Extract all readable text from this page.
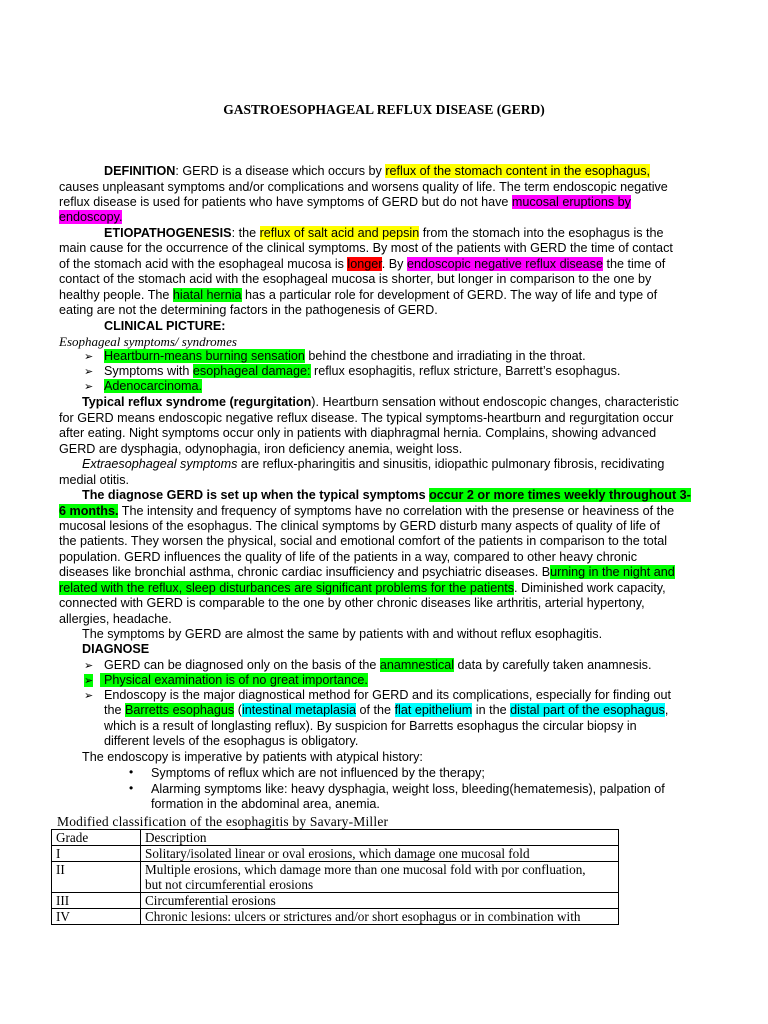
GASTROESOPHAGEAL REFLUX DISEASE (GERD)
DEFINITION: GERD is a disease which occurs by reflux of the stomach content in the esophagus,
causes unpleasant symptoms and/or complications and worsens quality of life. The term endoscopic negative
reflux disease is used for patients who have symptoms of GERD but do not have mucosal eruptions by
endoscopy.
ETIOPATHOGENESIS: the reflux of salt acid and pepsin from the stomach into the esophagus is the
main cause for the occurrence of the clinical symptoms. By most of the patients with GERD the time of contact
of the stomach acid with the esophageal mucosa is longer. By endoscopic negative reflux disease the time of
contact of the stomach acid with the esophageal mucosa is shorter, but longer in comparison to the one by
healthy people. The hiatal hernia has a particular role for development of GERD. The way of life and type of
eating are not the determining factors in the pathogenesis of GERD.
CLINICAL PICTURE:
Esophageal symptoms/ syndromes
➢ Heartburn-means burning sensation behind the chestbone and irradiating in the throat.
➢ Symptoms with esophageal damage: reflux esophagitis, reflux stricture, Barrett’s esophagus.
➢ Adenocarcinoma.
Typical reflux syndrome (regurgitation). Heartburn sensation without endoscopic changes, characteristic
for GERD means endoscopic negative reflux disease. The typical symptoms-heartburn and regurgitation occur
after eating. Night symptoms occur only in patients with diaphragmal hernia. Complains, showing advanced
GERD are dysphagia, odynophagia, iron deficiency anemia, weight loss.
Extraesophageal symptoms are reflux-pharingitis and sinusitis, idiopathic pulmonary fibrosis, recidivating
medial otitis.
The diagnose GERD is set up when the typical symptoms occur 2 or more times weekly throughout 3-
6 months. The intensity and frequency of symptoms have no correlation with the presense or heaviness of the
mucosal lesions of the esophagus. The clinical symptoms by GERD disturb many aspects of quality of life of
the patients. They worsen the physical, social and emotional comfort of the patients in comparison to the total
population. GERD influences the quality of life of the patients in a way, compared to other heavy chronic
diseases like bronchial asthma, chronic cardiac insufficiency and psychiatric diseases. Burning in the night and
related with the reflux, sleep disturbances are significant problems for the patients. Diminished work capacity,
connected with GERD is comparable to the one by other chronic diseases like arthritis, arterial hypertony,
allergies, headache.
The symptoms by GERD are almost the same by patients with and without reflux esophagitis.
DIAGNOSE
➢ GERD can be diagnosed only on the basis of the anamnestical data by carefully taken anamnesis.
➢ Physical examination is of no great importance.
➢ Endoscopy is the major diagnostical method for GERD and its complications, especially for finding out
the Barretts esophagus (intestinal metaplasia of the flat epithelium in the distal part of the esophagus,
which is a result of longlasting reflux). By suspicion for Barretts esophagus the circular biopsy in
different levels of the esophagus is obligatory.
The endoscopy is imperative by patients with atypical history:
• Symptoms of reflux which are not influenced by the therapy;
• Alarming symptoms like: heavy dysphagia, weight loss, bleeding(hematemesis), palpation of
formation in the abdominal area, anemia.
Modified classification of the esophagitis by Savary-Miller
Grade	Description
I	Solitary/isolated linear or oval erosions, which damage one mucosal fold
II	Multiple erosions, which damage more than one mucosal fold with por confluation,
but not circumferential erosions

III	Circumferential erosions
IV	Chronic lesions: ulcers or strictures and/or short esophagus or in combination with
